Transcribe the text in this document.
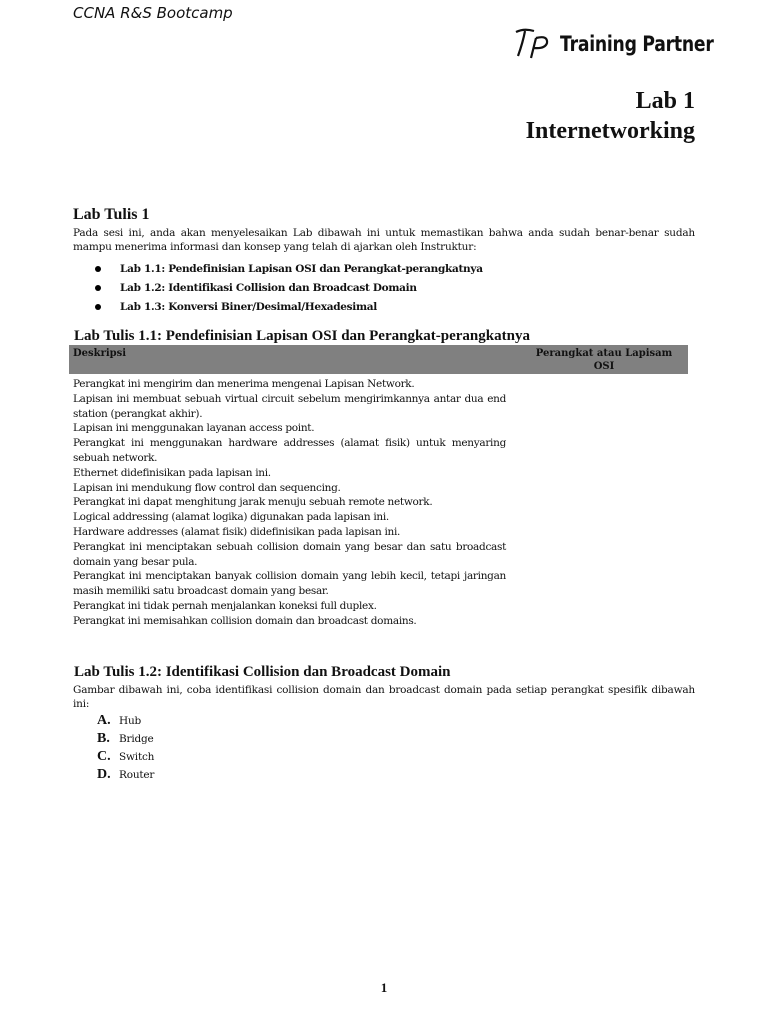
CCNA R&S Bootcamp
Training Partner
Lab 1
Internetworking
Lab Tulis 1
Pada sesi ini, anda akan menyelesaikan Lab dibawah ini untuk memastikan bahwa anda sudah benar-benar sudah mampu menerima informasi dan konsep yang telah di ajarkan oleh Instruktur:
Lab 1.1: Pendefinisian Lapisan OSI dan Perangkat-perangkatnya
Lab 1.2: Identifikasi Collision dan Broadcast Domain
Lab 1.3: Konversi Biner/Desimal/Hexadesimal
Lab Tulis 1.1: Pendefinisian Lapisan OSI dan Perangkat-perangkatnya
Deskripsi	Perangkat atau Lapisam OSI
Perangkat ini mengirim dan menerima mengenai Lapisan Network.
Lapisan ini membuat sebuah virtual circuit sebelum mengirimkannya antar dua end station (perangkat akhir).
Lapisan ini menggunakan layanan access point.
Perangkat ini menggunakan hardware addresses (alamat fisik) untuk menyaring sebuah network.
Ethernet didefinisikan pada lapisan ini.
Lapisan ini mendukung flow control dan sequencing.
Perangkat ini dapat menghitung jarak menuju sebuah remote network.
Logical addressing (alamat logika) digunakan pada lapisan ini.
Hardware addresses (alamat fisik) didefinisikan pada lapisan ini.
Perangkat ini menciptakan sebuah collision domain yang besar dan satu broadcast domain yang besar pula.
Perangkat ini menciptakan banyak collision domain yang lebih kecil, tetapi jaringan masih memiliki satu broadcast domain yang besar.
Perangkat ini tidak pernah menjalankan koneksi full duplex.
Perangkat ini memisahkan collision domain dan broadcast domains.
Lab Tulis 1.2: Identifikasi Collision dan Broadcast Domain
Gambar dibawah ini, coba identifikasi collision domain dan broadcast domain pada setiap perangkat spesifik dibawah ini:
A. Hub
B. Bridge
C. Switch
D. Router
1
